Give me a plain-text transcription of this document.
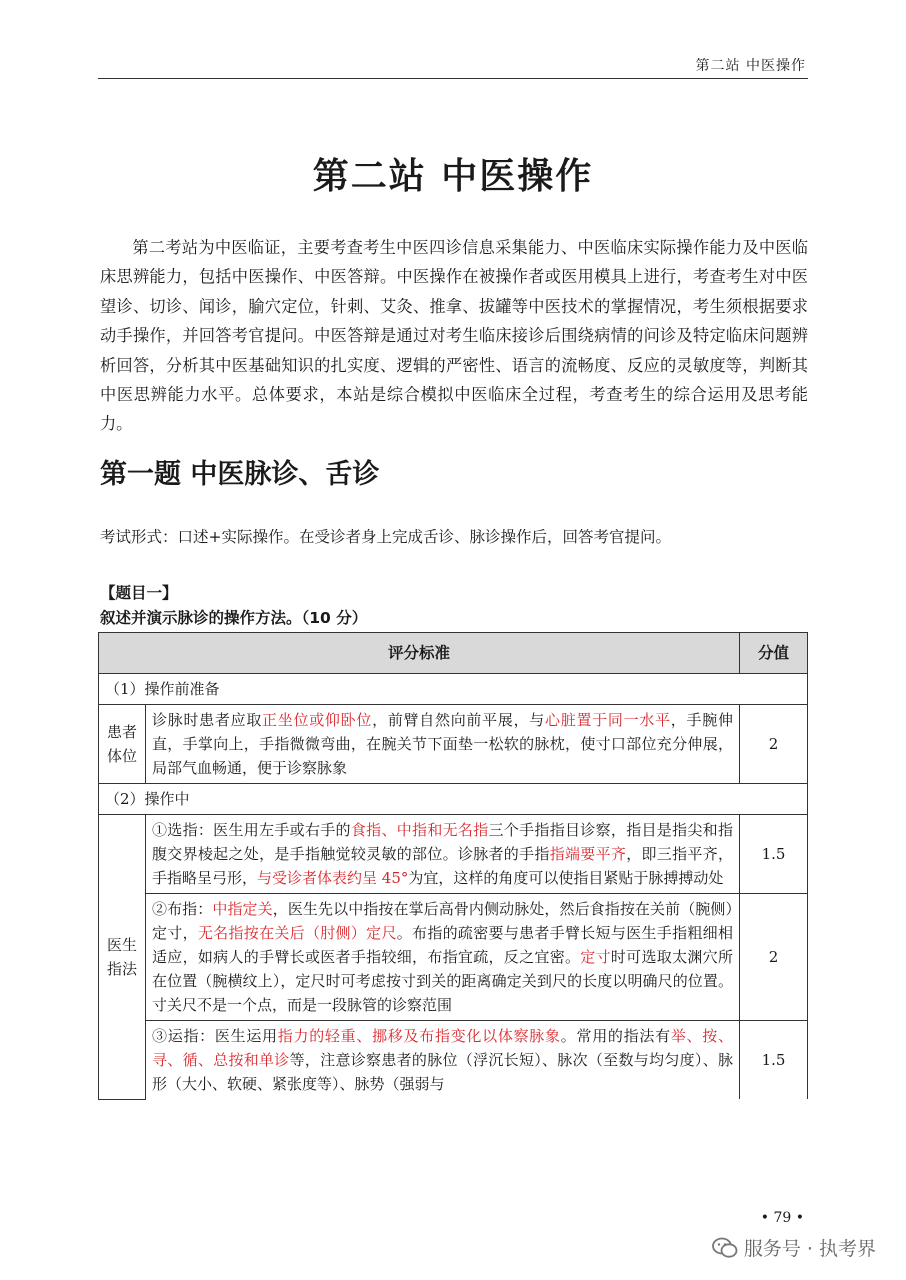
第二站 中医操作
第二站 中医操作

第二考站为中医临证，主要考查考生中医四诊信息采集能力、中医临床实际操作能力及中医临床思辨能力，包括中医操作、中医答辩。中医操作在被操作者或医用模具上进行，考查考生对中医望诊、切诊、闻诊，腧穴定位，针刺、艾灸、推拿、拔罐等中医技术的掌握情况，考生须根据要求动手操作，并回答考官提问。中医答辩是通过对考生临床接诊后围绕病情的问诊及特定临床问题辨析回答，分析其中医基础知识的扎实度、逻辑的严密性、语言的流畅度、反应的灵敏度等，判断其中医思辨能力水平。总体要求，本站是综合模拟中医临床全过程，考查考生的综合运用及思考能力。

第一题 中医脉诊、舌诊

考试形式：口述+实际操作。在受诊者身上完成舌诊、脉诊操作后，回答考官提问。

【题目一】
叙述并演示脉诊的操作方法。（10 分）
评分标准		分值
（1）操作前准备		
患者体位	诊脉时患者应取正坐位或仰卧位，前臂自然向前平展，与心脏置于同一水平，手腕伸直，手掌向上，手指微微弯曲，在腕关节下面垫一松软的脉枕，使寸口部位充分伸展，局部气血畅通，便于诊察脉象	2
（2）操作中		
医生指法	①选指：医生用左手或右手的食指、中指和无名指三个手指指目诊察，指目是指尖和指腹交界棱起之处，是手指触觉较灵敏的部位。诊脉者的手指指端要平齐，即三指平齐，手指略呈弓形，与受诊者体表约呈 45°为宜，这样的角度可以使指目紧贴于脉搏搏动处	1.5
	②布指：中指定关，医生先以中指按在掌后高骨内侧动脉处，然后食指按在关前（腕侧）定寸，无名指按在关后（肘侧）定尺。布指的疏密要与患者手臂长短与医生手指粗细相适应，如病人的手臂长或医者手指较细，布指宜疏，反之宜密。定寸时可选取太渊穴所在位置（腕横纹上），定尺时可考虑按寸到关的距离确定关到尺的长度以明确尺的位置。寸关尺不是一个点，而是一段脉管的诊察范围	2
	③运指：医生运用指力的轻重、挪移及布指变化以体察脉象。常用的指法有举、按、寻、循、总按和单诊等，注意诊察患者的脉位（浮沉长短）、脉次（至数与均匀度）、脉形（大小、软硬、紧张度等）、脉势（强弱与	1.5
• 79 •
服务号 · 执考界
